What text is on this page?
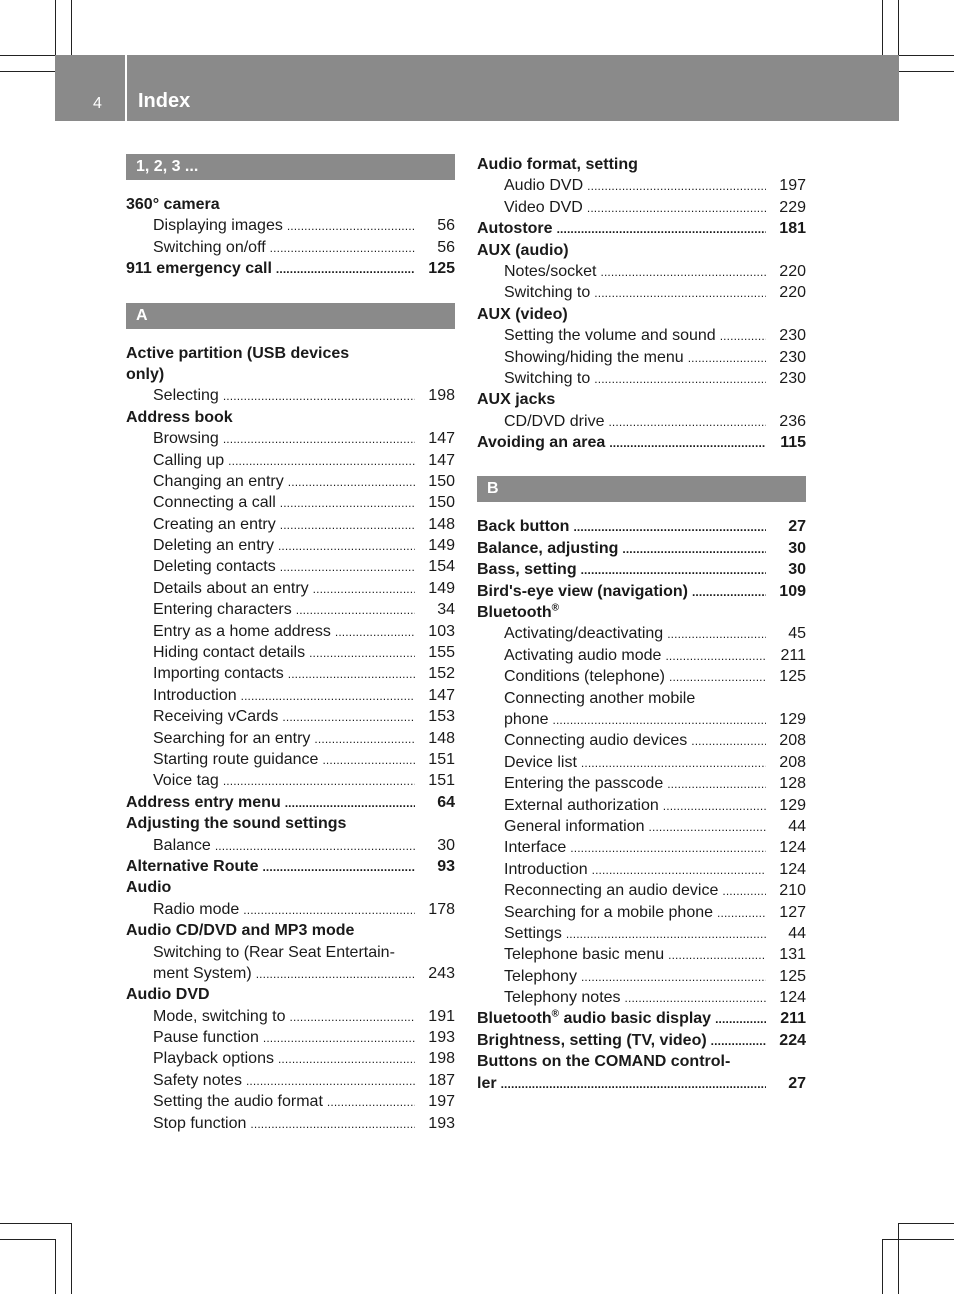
4 Index
1, 2, 3 ...
360° camera
Displaying images . . .	56
Switching on/off . . .	56
911 emergency call . . .	125
A
Active partition (USB devices
only)
Selecting . . .	198
Address book
Browsing . . .	147
Calling up . . .	147
Changing an entry . . .	150
Connecting a call . . .	150
Creating an entry . . .	148
Deleting an entry . . .	149
Deleting contacts . . .	154
Details about an entry . . .	149
Entering characters . . .	34
Entry as a home address . . .	103
Hiding contact details . . .	155
Importing contacts . . .	152
Introduction . . .	147
Receiving vCards . . .	153
Searching for an entry . . .	148
Starting route guidance . . .	151
Voice tag . . .	151
Address entry menu . . .	64
Adjusting the sound settings
Balance . . .	30
Alternative Route . . .	93
Audio
Radio mode . . .	178
Audio CD/DVD and MP3 mode
Switching to (Rear Seat Entertain-
ment System) . . .	243
Audio DVD
Mode, switching to . . .	191
Pause function . . .	193
Playback options . . .	198
Safety notes . . .	187
Setting the audio format . . .	197
Stop function . . .	193
Audio format, setting
Audio DVD . . .	197
Video DVD . . .	229
Autostore . . .	181
AUX (audio)
Notes/socket . . .	220
Switching to . . .	220
AUX (video)
Setting the volume and sound . . .	230
Showing/hiding the menu . . .	230
Switching to . . .	230
AUX jacks
CD/DVD drive . . .	236
Avoiding an area . . .	115
B
Back button . . .	27
Balance, adjusting . . .	30
Bass, setting . . .	30
Bird's-eye view (navigation) . . .	109
Bluetooth®
Activating/deactivating . . .	45
Activating audio mode . . .	211
Conditions (telephone) . . .	125
Connecting another mobile
phone . . .	129
Connecting audio devices . . .	208
Device list . . .	208
Entering the passcode . . .	128
External authorization . . .	129
General information . . .	44
Interface . . .	124
Introduction . . .	124
Reconnecting an audio device . . .	210
Searching for a mobile phone . . .	127
Settings . . .	44
Telephone basic menu . . .	131
Telephony . . .	125
Telephony notes . . .	124
Bluetooth® audio basic display . . .	211
Brightness, setting (TV, video) . . .	224
Buttons on the COMAND control-
ler . . .	27
